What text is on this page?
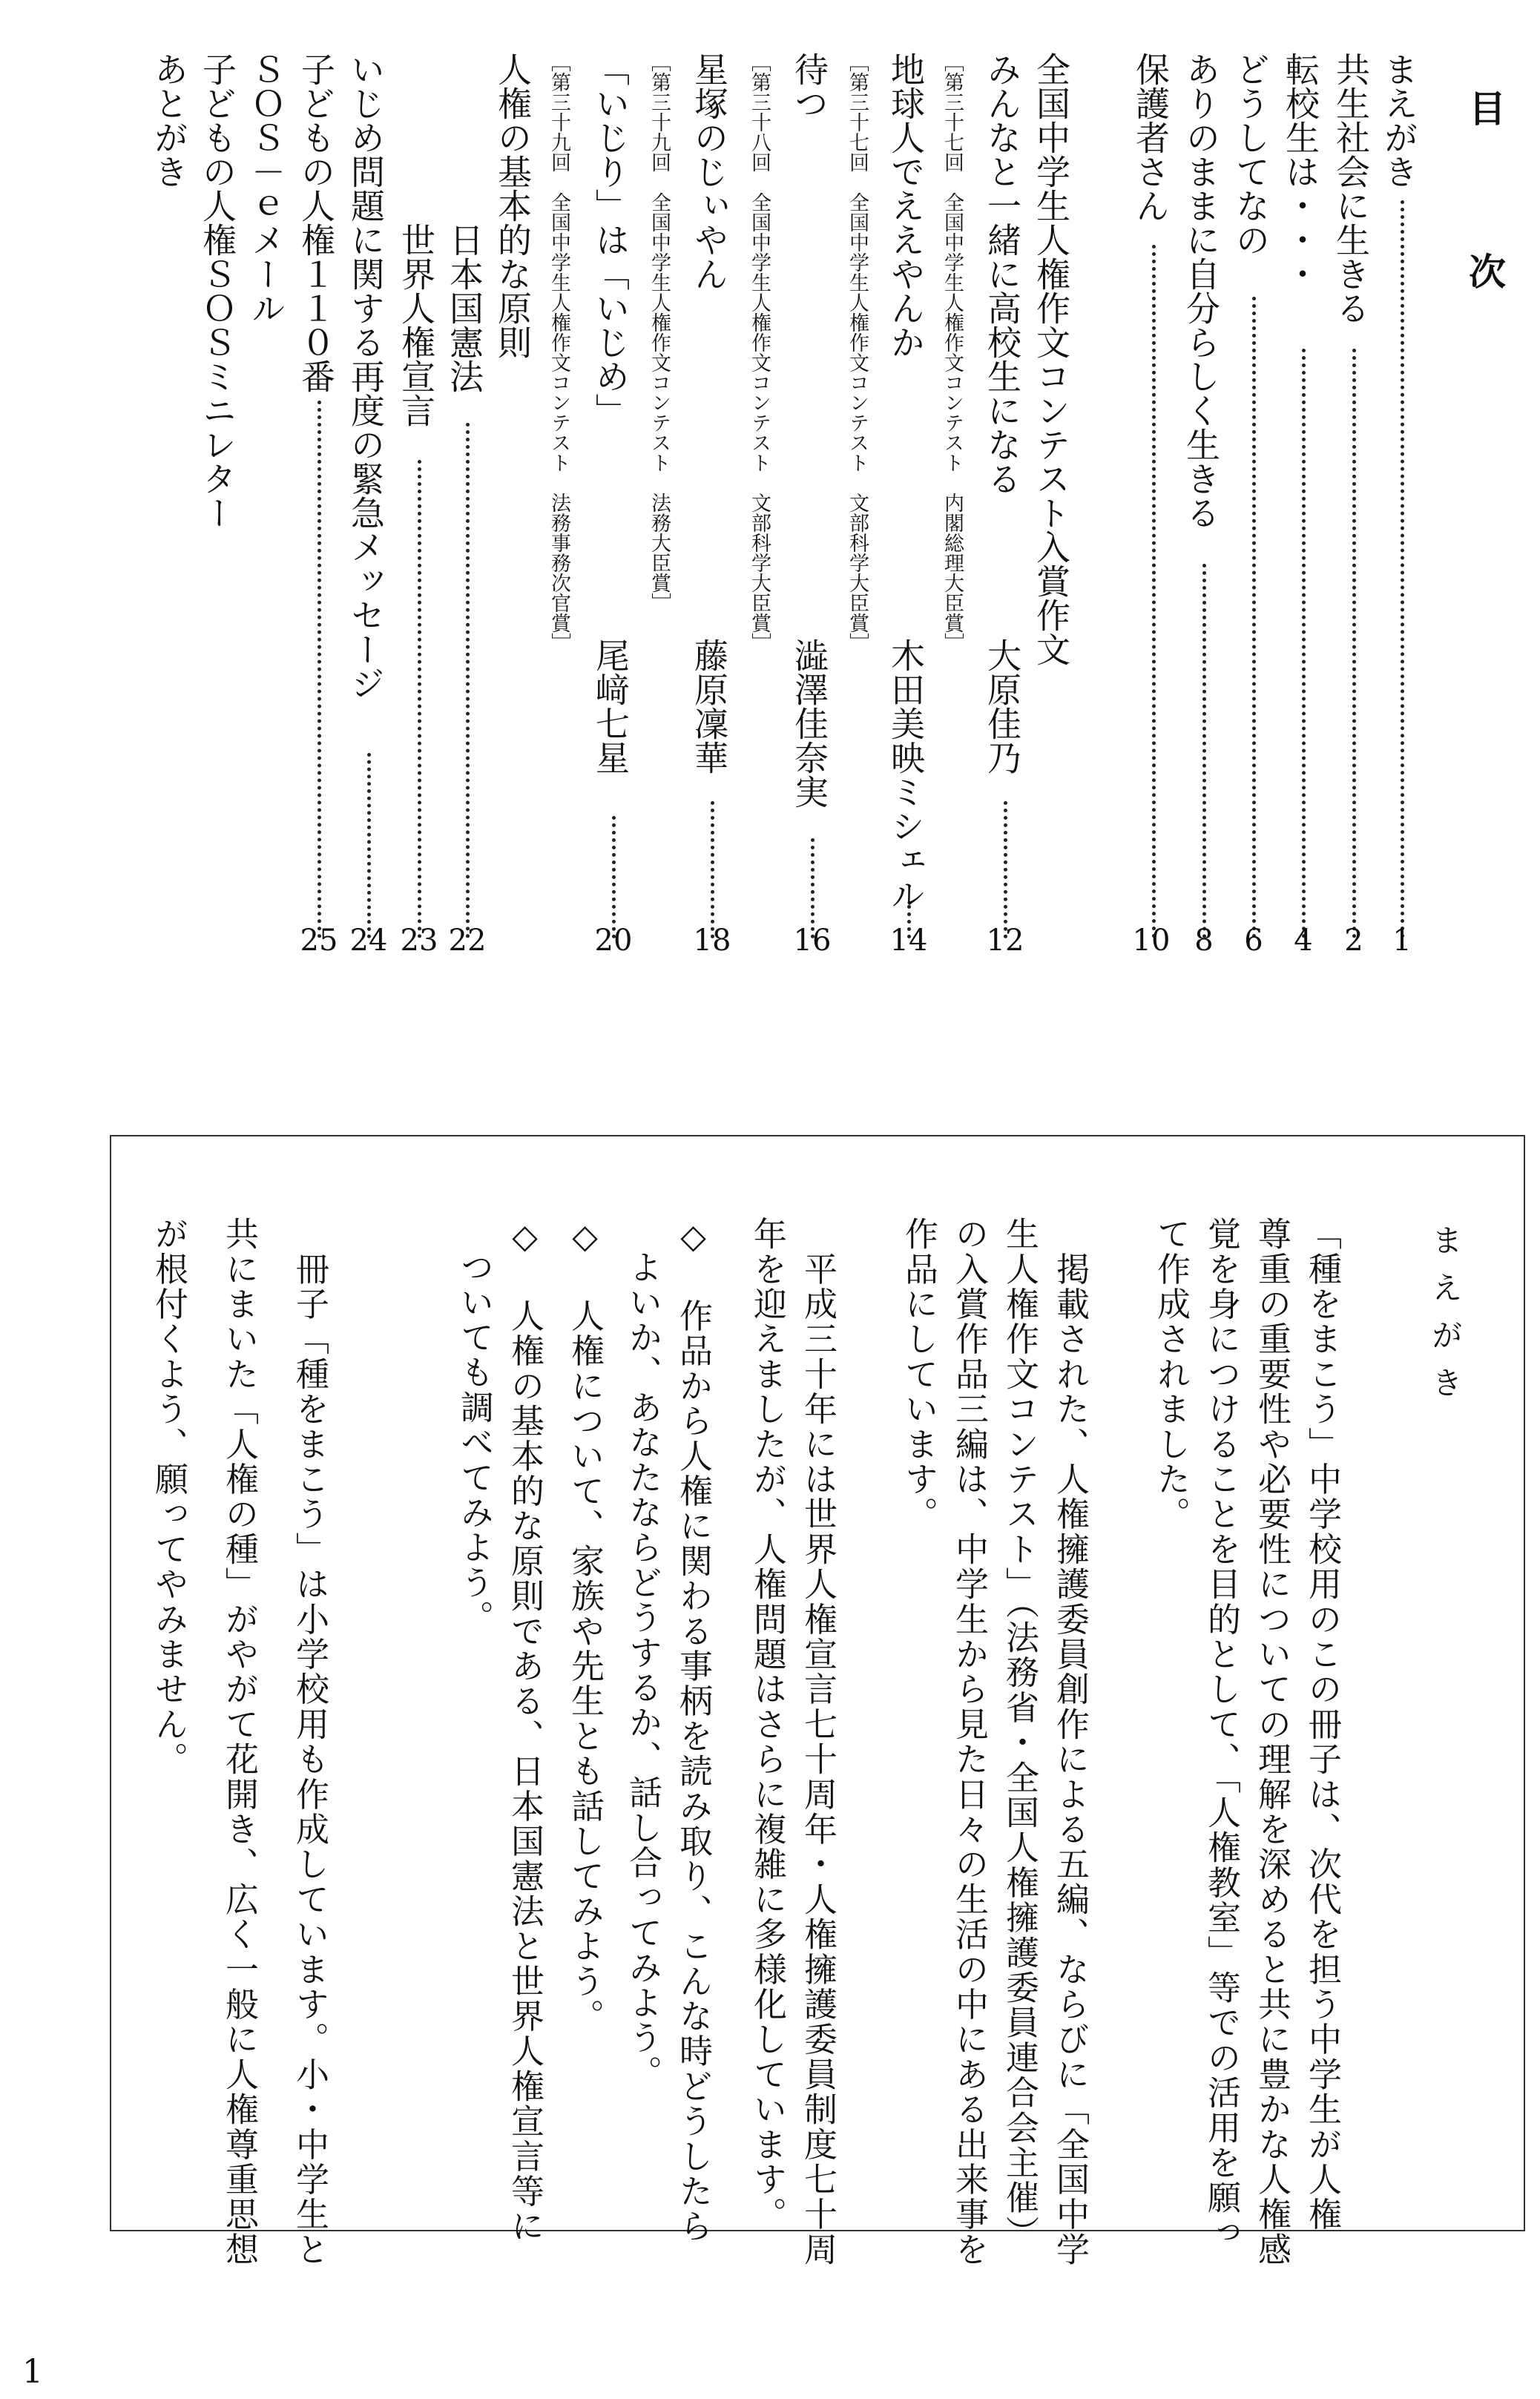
目　次
まえがき
1
共生社会に生きる
2
転校生は・・・
4
どうしてなの
6
ありのままに自分らしく生きる
8
保護者さん
10
全国中学生人権作文コンテスト入賞作文
みんなと一緒に高校生になる
大原佳乃
12
［第三十七回　全国中学生人権作文コンテスト　内閣総理大臣賞］
地球人でええやんか
木田美映ミシェル
14
［第三十七回　全国中学生人権作文コンテスト　文部科学大臣賞］
待つ
澁澤佳奈実
16
［第三十八回　全国中学生人権作文コンテスト　文部科学大臣賞］
星塚のじぃやん
藤原凜華
18
［第三十九回　全国中学生人権作文コンテスト　法務大臣賞］
「いじり」は「いじめ」
尾﨑七星
20
［第三十九回　全国中学生人権作文コンテスト　法務事務次官賞］
人権の基本的な原則
日本国憲法
22
世界人権宣言
23
いじめ問題に関する再度の緊急メッセージ
24
子どもの人権１１０番
25
ＳＯＳ－ｅメール
子どもの人権ＳＯＳミニレター
あとがき
まえがき
「種をまこう」中学校用のこの冊子は、次代を担う中学生が人権
尊重の重要性や必要性についての理解を深めると共に豊かな人権感
覚を身につけることを目的として、「人権教室」等での活用を願っ
て作成されました。
　掲載された、人権擁護委員創作による五編、ならびに「全国中学
生人権作文コンテスト」（法務省・全国人権擁護委員連合会主催）
の入賞作品三編は、中学生から見た日々の生活の中にある出来事を
作品にしています。
　平成三十年には世界人権宣言七十周年・人権擁護委員制度七十周
年を迎えましたが、人権問題はさらに複雑に多様化しています。
◇ 作品から人権に関わる事柄を読み取り、こんな時どうしたら
よいか、あなたならどうするか、話し合ってみよう。
◇ 人権について、家族や先生とも話してみよう。
◇ 人権の基本的な原則である、日本国憲法と世界人権宣言等に
ついても調べてみよう。
　冊子「種をまこう」は小学校用も作成しています。小・中学生と
共にまいた「人権の種」がやがて花開き、広く一般に人権尊重思想
が根付くよう、願ってやみません。
1
